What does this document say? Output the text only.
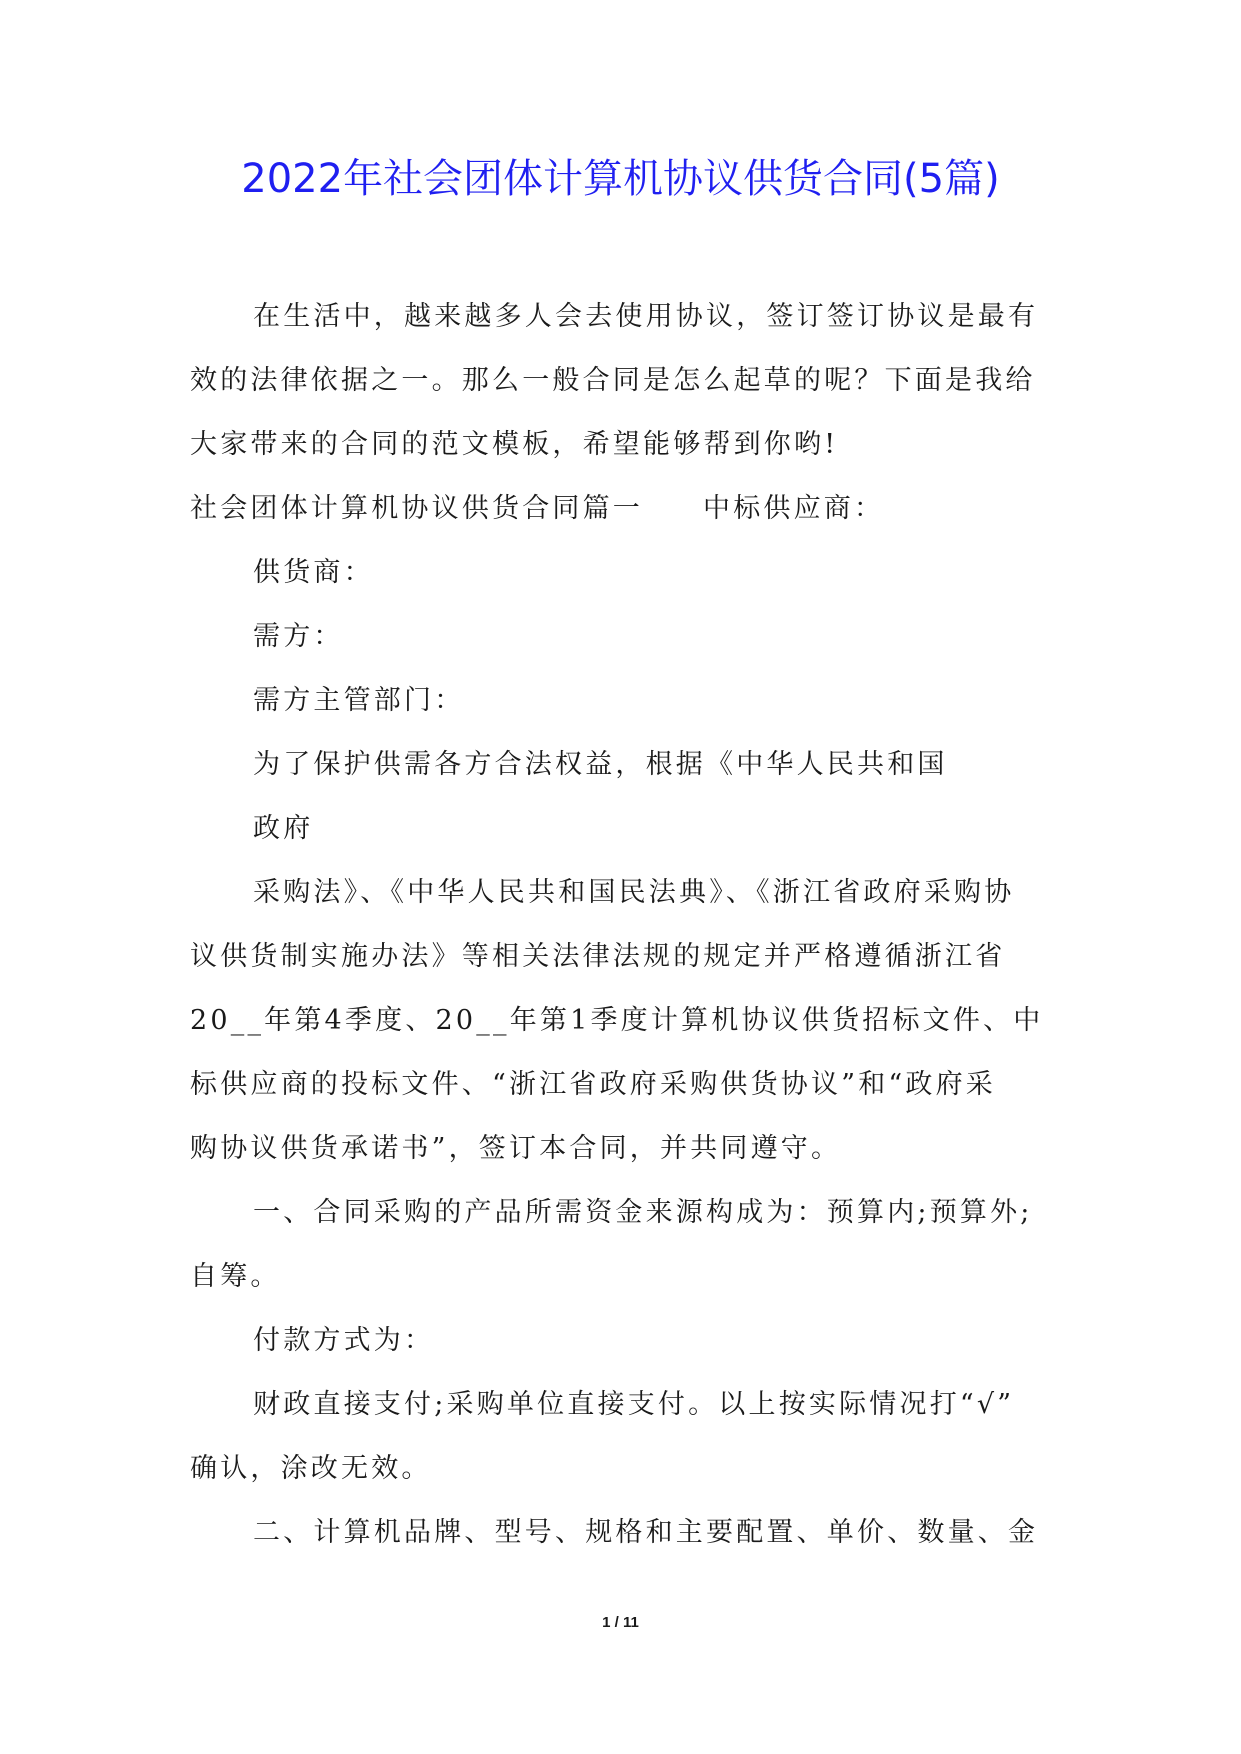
2022年社会团体计算机协议供货合同(5篇)
在生活中，越来越多人会去使用协议，签订签订协议是最有
效的法律依据之一。那么一般合同是怎么起草的呢？下面是我给
大家带来的合同的范文模板，希望能够帮到你哟!
社会团体计算机协议供货合同篇一 中标供应商：
供货商：
需方：
需方主管部门：
为了保护供需各方合法权益，根据《中华人民共和国
政府
采购法》、《中华人民共和国民法典》、《浙江省政府采购协
议供货制实施办法》等相关法律法规的规定并严格遵循浙江省
20__年第4季度、20__年第1季度计算机协议供货招标文件、中
标供应商的投标文件、“浙江省政府采购供货协议”和“政府采
购协议供货承诺书”，签订本合同，并共同遵守。
一、合同采购的产品所需资金来源构成为：预算内;预算外;
自筹。
付款方式为：
财政直接支付;采购单位直接支付。以上按实际情况打“√”
确认，涂改无效。
二、计算机品牌、型号、规格和主要配置、单价、数量、金
1 / 11
